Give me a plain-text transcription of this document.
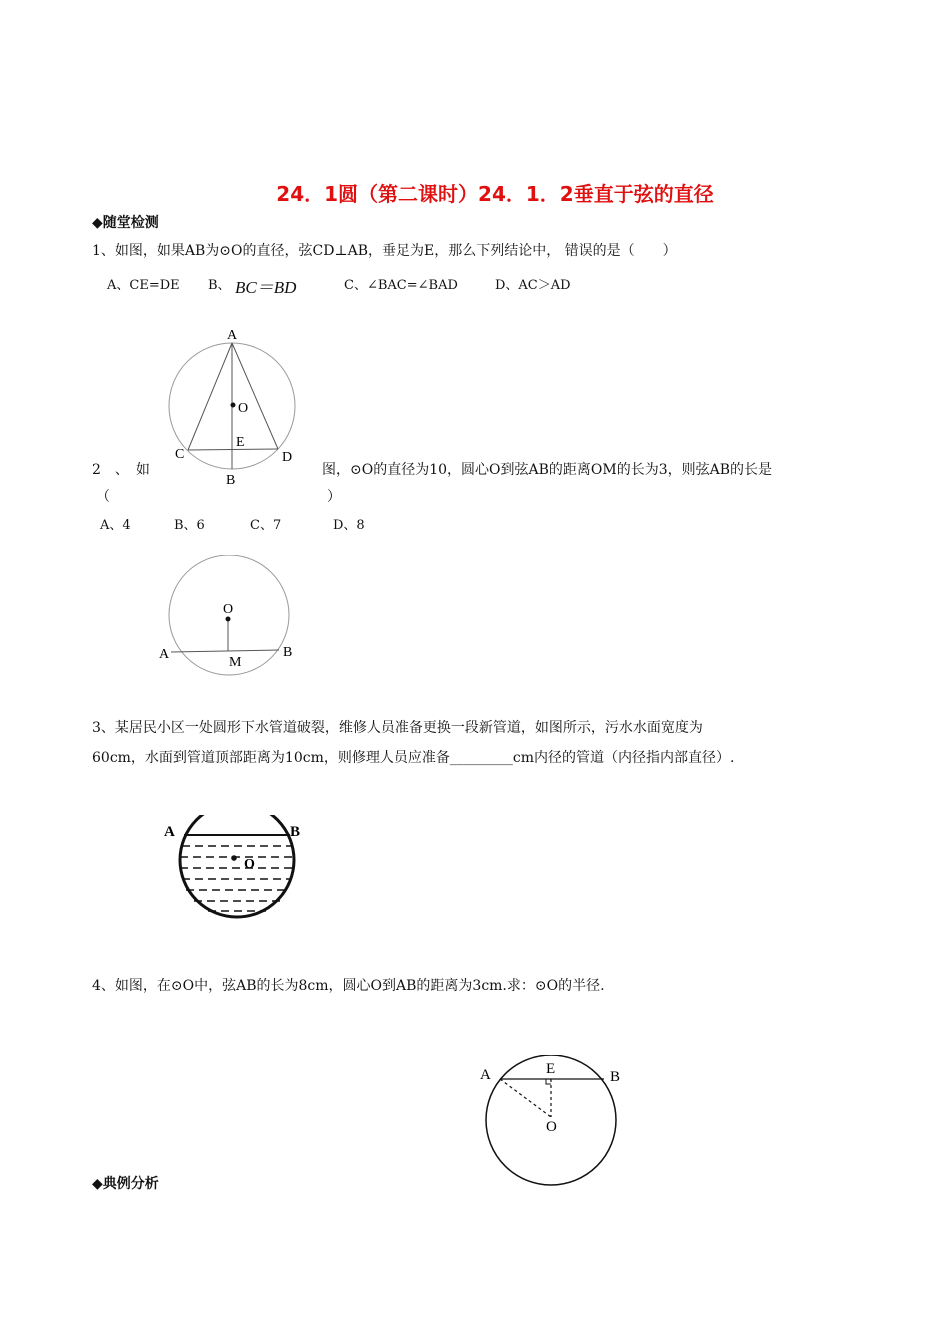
24．1圆（第二课时）24．1．2垂直于弦的直径
◆随堂检测
1、如图，如果AB为⊙O的直径，弦CD⊥AB，垂足为E，那么下列结论中， 错误的是（　　）
A、CE=DE B、 BC＝BD	C、∠BAC=∠BAD	D、AC＞AD
A
O
E
C	D
B
2　、　如	图，⊙O的直径为10，圆心O到弦AB的距离OM的长为3，则弦AB的长是
（	）
A、4	B、6	C、7	D、8
O
A
M
B
3、某居民小区一处圆形下水管道破裂，维修人员准备更换一段新管道，如图所示，污水水面宽度为
60cm，水面到管道顶部距离为10cm，则修理人员应准备_________cm内径的管道（内径指内部直径）.
A	B
O
4、如图，在⊙O中，弦AB的长为8cm，圆心O到AB的距离为3cm.求：⊙O的半径.
A	E	B
O
◆典例分析
